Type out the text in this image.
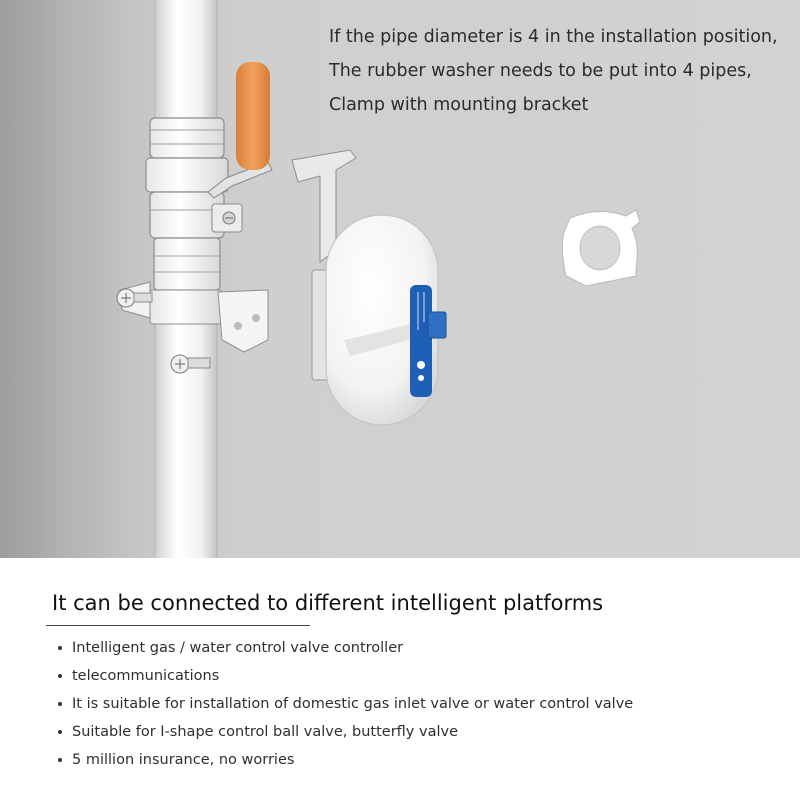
If the pipe diameter is 4 in the installation position,
The rubber washer needs to be put into 4 pipes,
Clamp with mounting bracket

It can be connected to different intelligent platforms
Intelligent gas / water control valve controller
telecommunications
It is suitable for installation of domestic gas inlet valve or water control valve
Suitable for I-shape control ball valve, butterfly valve
5 million insurance, no worries
